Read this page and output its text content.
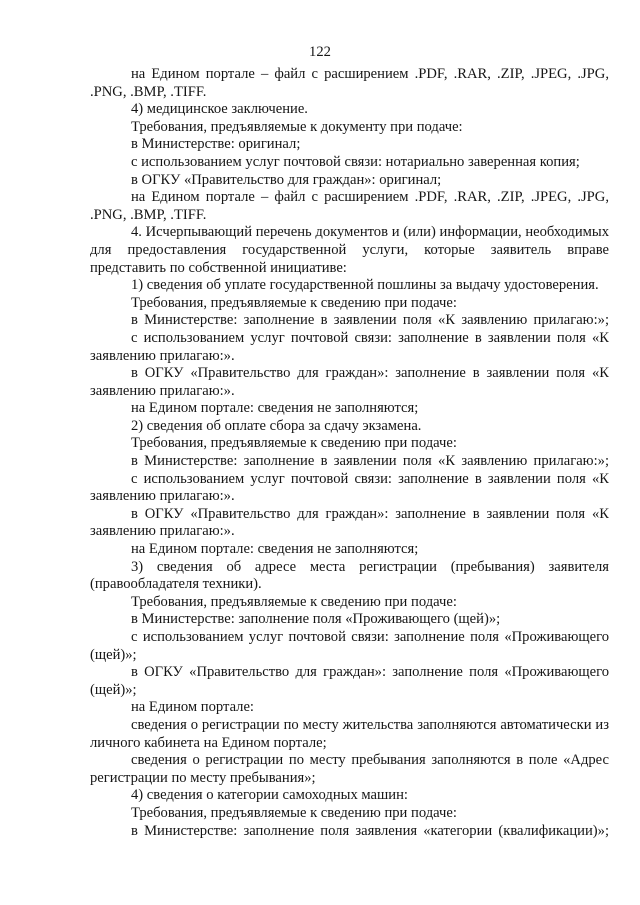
122

на Едином портале – файл с расширением .PDF, .RAR, .ZIP, .JPEG, .JPG, .PNG, .BMP, .TIFF.

4) медицинское заключение.

Требования, предъявляемые к документу при подаче:

в Министерстве: оригинал;

с использованием услуг почтовой связи: нотариально заверенная копия;

в ОГКУ «Правительство для граждан»: оригинал;

на Едином портале – файл с расширением .PDF, .RAR, .ZIP, .JPEG, .JPG, .PNG, .BMP, .TIFF.

4. Исчерпывающий перечень документов и (или) информации, необходимых для предоставления государственной услуги, которые заявитель вправе представить по собственной инициативе:

1) сведения об уплате государственной пошлины за выдачу удостоверения.

Требования, предъявляемые к сведению при подаче:

в Министерстве: заполнение в заявлении поля «К заявлению прилагаю:»;

с использованием услуг почтовой связи: заполнение в заявлении поля «К заявлению прилагаю:».

в ОГКУ «Правительство для граждан»: заполнение в заявлении поля «К заявлению прилагаю:».

на Едином портале: сведения не заполняются;

2) сведения об оплате сбора за сдачу экзамена.

Требования, предъявляемые к сведению при подаче:

в Министерстве: заполнение в заявлении поля «К заявлению прилагаю:»;

с использованием услуг почтовой связи: заполнение в заявлении поля «К заявлению прилагаю:».

в ОГКУ «Правительство для граждан»: заполнение в заявлении поля «К заявлению прилагаю:».

на Едином портале: сведения не заполняются;

3) сведения об адресе места регистрации (пребывания) заявителя (правообладателя техники).

Требования, предъявляемые к сведению при подаче:

в Министерстве: заполнение поля «Проживающего (щей)»;

с использованием услуг почтовой связи: заполнение поля «Проживающего (щей)»;

в ОГКУ «Правительство для граждан»: заполнение поля «Проживающего (щей)»;

на Едином портале:

сведения о регистрации по месту жительства заполняются автоматически из личного кабинета на Едином портале;

сведения о регистрации по месту пребывания заполняются в поле «Адрес регистрации по месту пребывания»;

4) сведения о категории самоходных машин:

Требования, предъявляемые к сведению при подаче:

в Министерстве: заполнение поля заявления «категории (квалификации)»;
